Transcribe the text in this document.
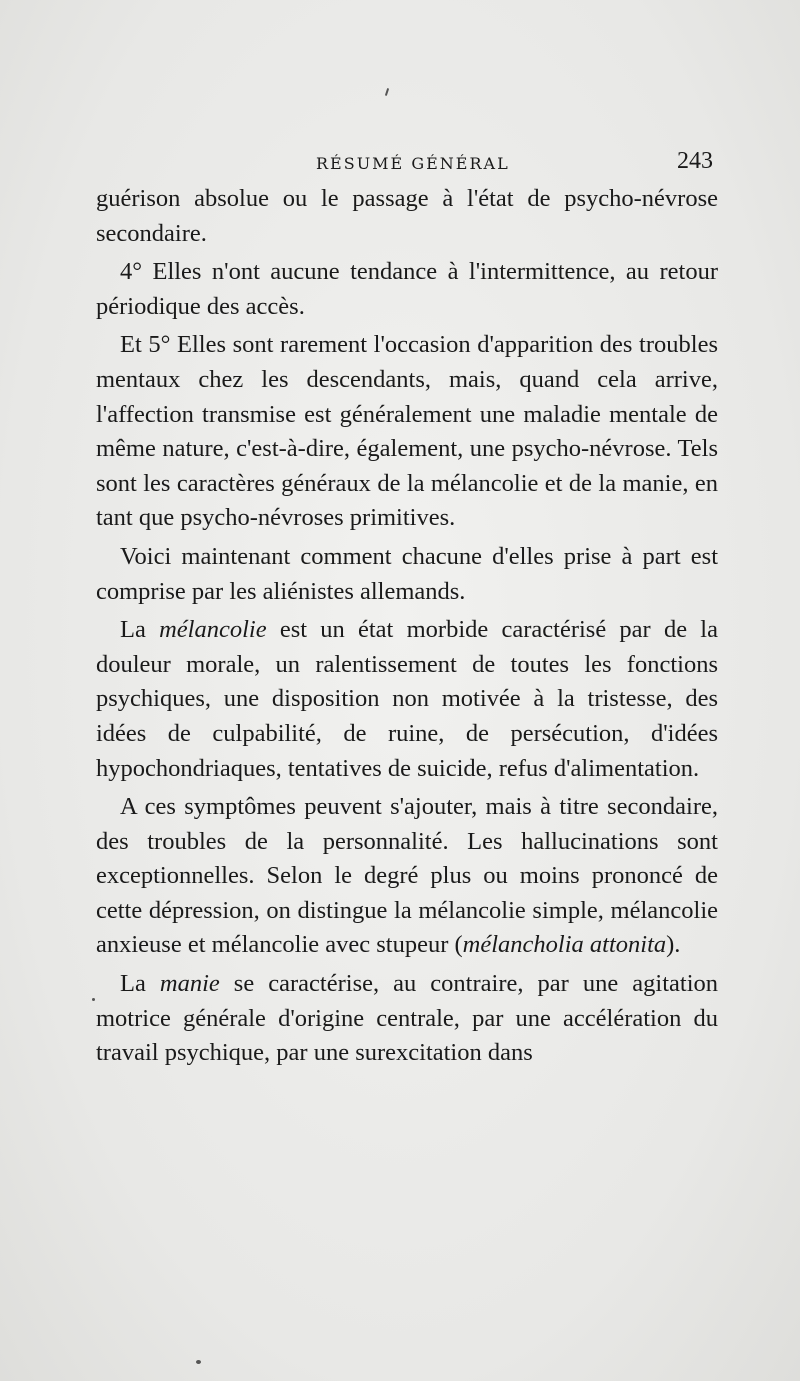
RÉSUMÉ GÉNÉRAL	243

guérison absolue ou le passage à l'état de psycho-névrose secondaire.

4° Elles n'ont aucune tendance à l'intermittence, au retour périodique des accès.

Et 5° Elles sont rarement l'occasion d'apparition des troubles mentaux chez les descendants, mais, quand cela arrive, l'affection transmise est généralement une maladie mentale de même nature, c'est-à-dire, également, une psycho-névrose. Tels sont les caractères généraux de la mélancolie et de la manie, en tant que psycho-névroses primitives.

Voici maintenant comment chacune d'elles prise à part est comprise par les aliénistes allemands.

La mélancolie est un état morbide caractérisé par de la douleur morale, un ralentissement de toutes les fonctions psychiques, une disposition non motivée à la tristesse, des idées de culpabilité, de ruine, de persécution, d'idées hypochondriaques, tentatives de suicide, refus d'alimentation.

A ces symptômes peuvent s'ajouter, mais à titre secondaire, des troubles de la personnalité. Les hallucinations sont exceptionnelles. Selon le degré plus ou moins prononcé de cette dépression, on distingue la mélancolie simple, mélancolie anxieuse et mélancolie avec stupeur (mélancholia attonita).

La manie se caractérise, au contraire, par une agitation motrice générale d'origine centrale, par une accélération du travail psychique, par une surexcitation dans
